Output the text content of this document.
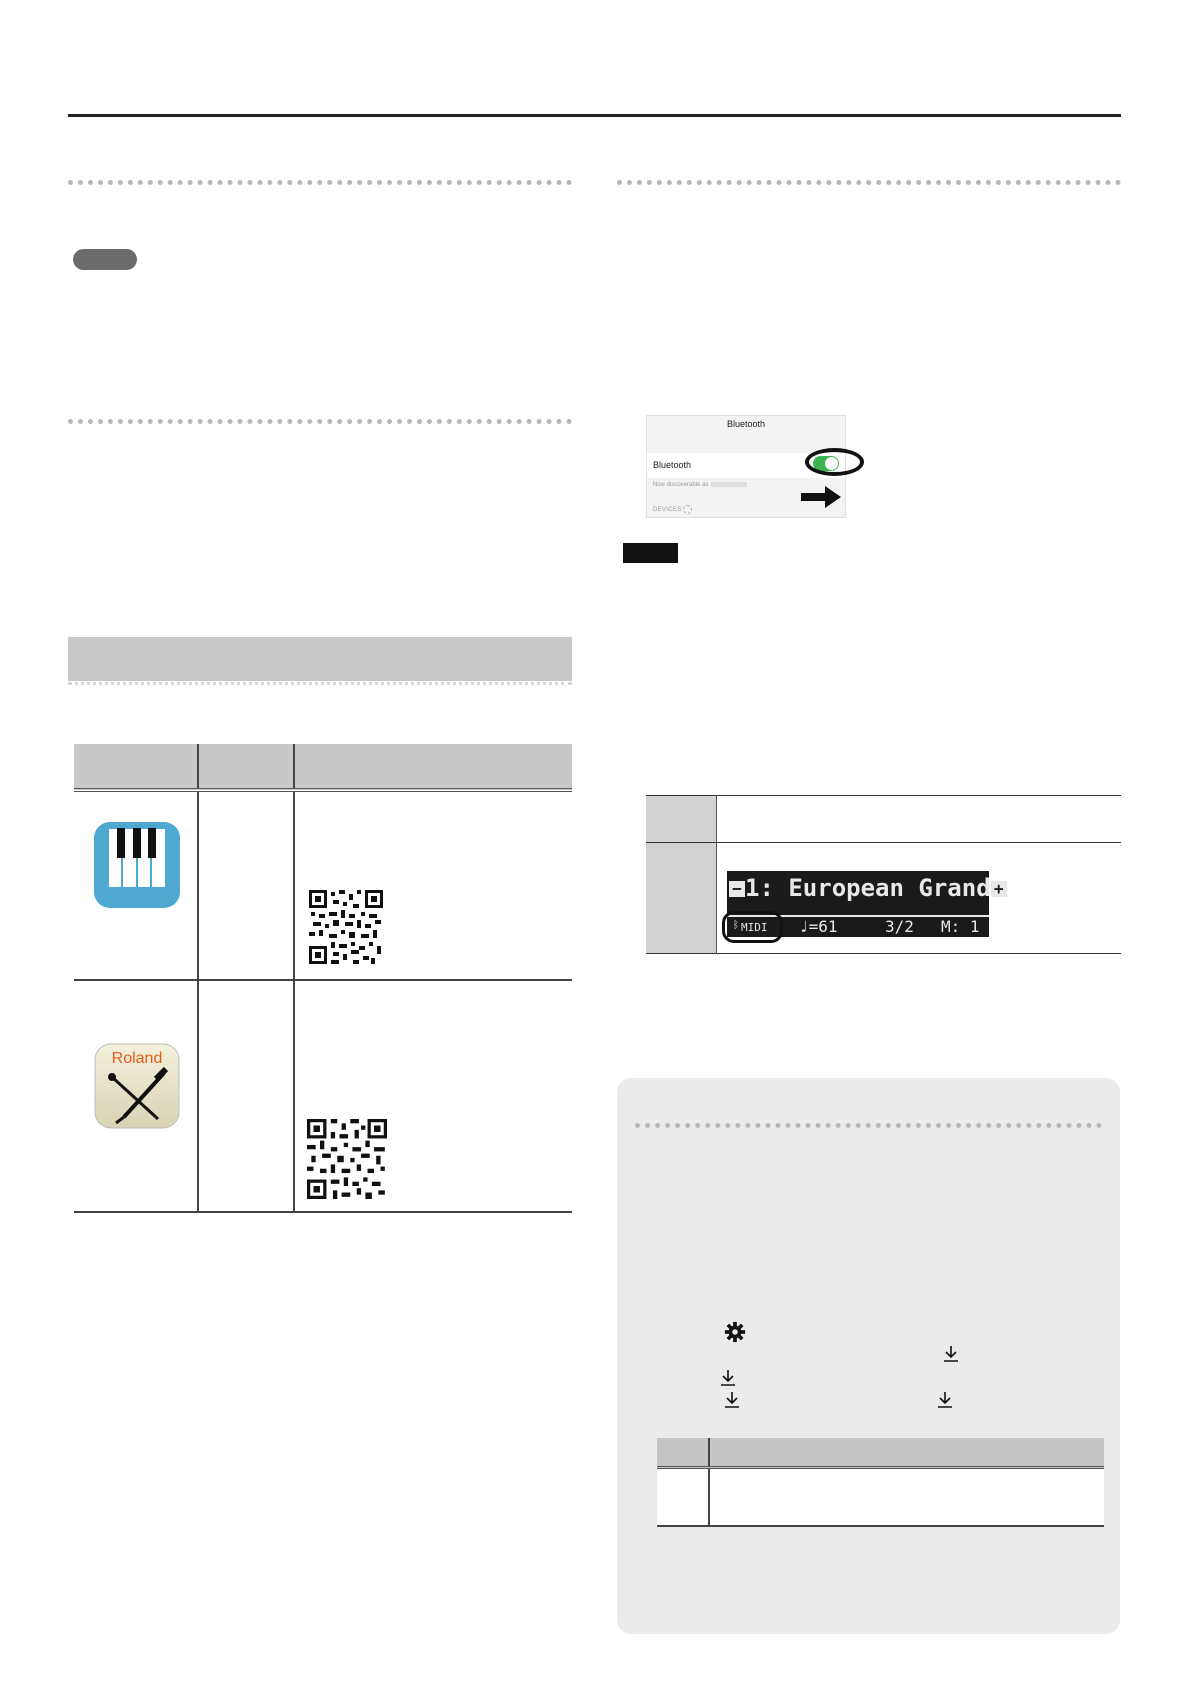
Roland

Bluetooth
Bluetooth
Now discoverable as
DEVICES

− 1: European Grand +
ᛒ MIDI ♩=61	3/2 M: 1
